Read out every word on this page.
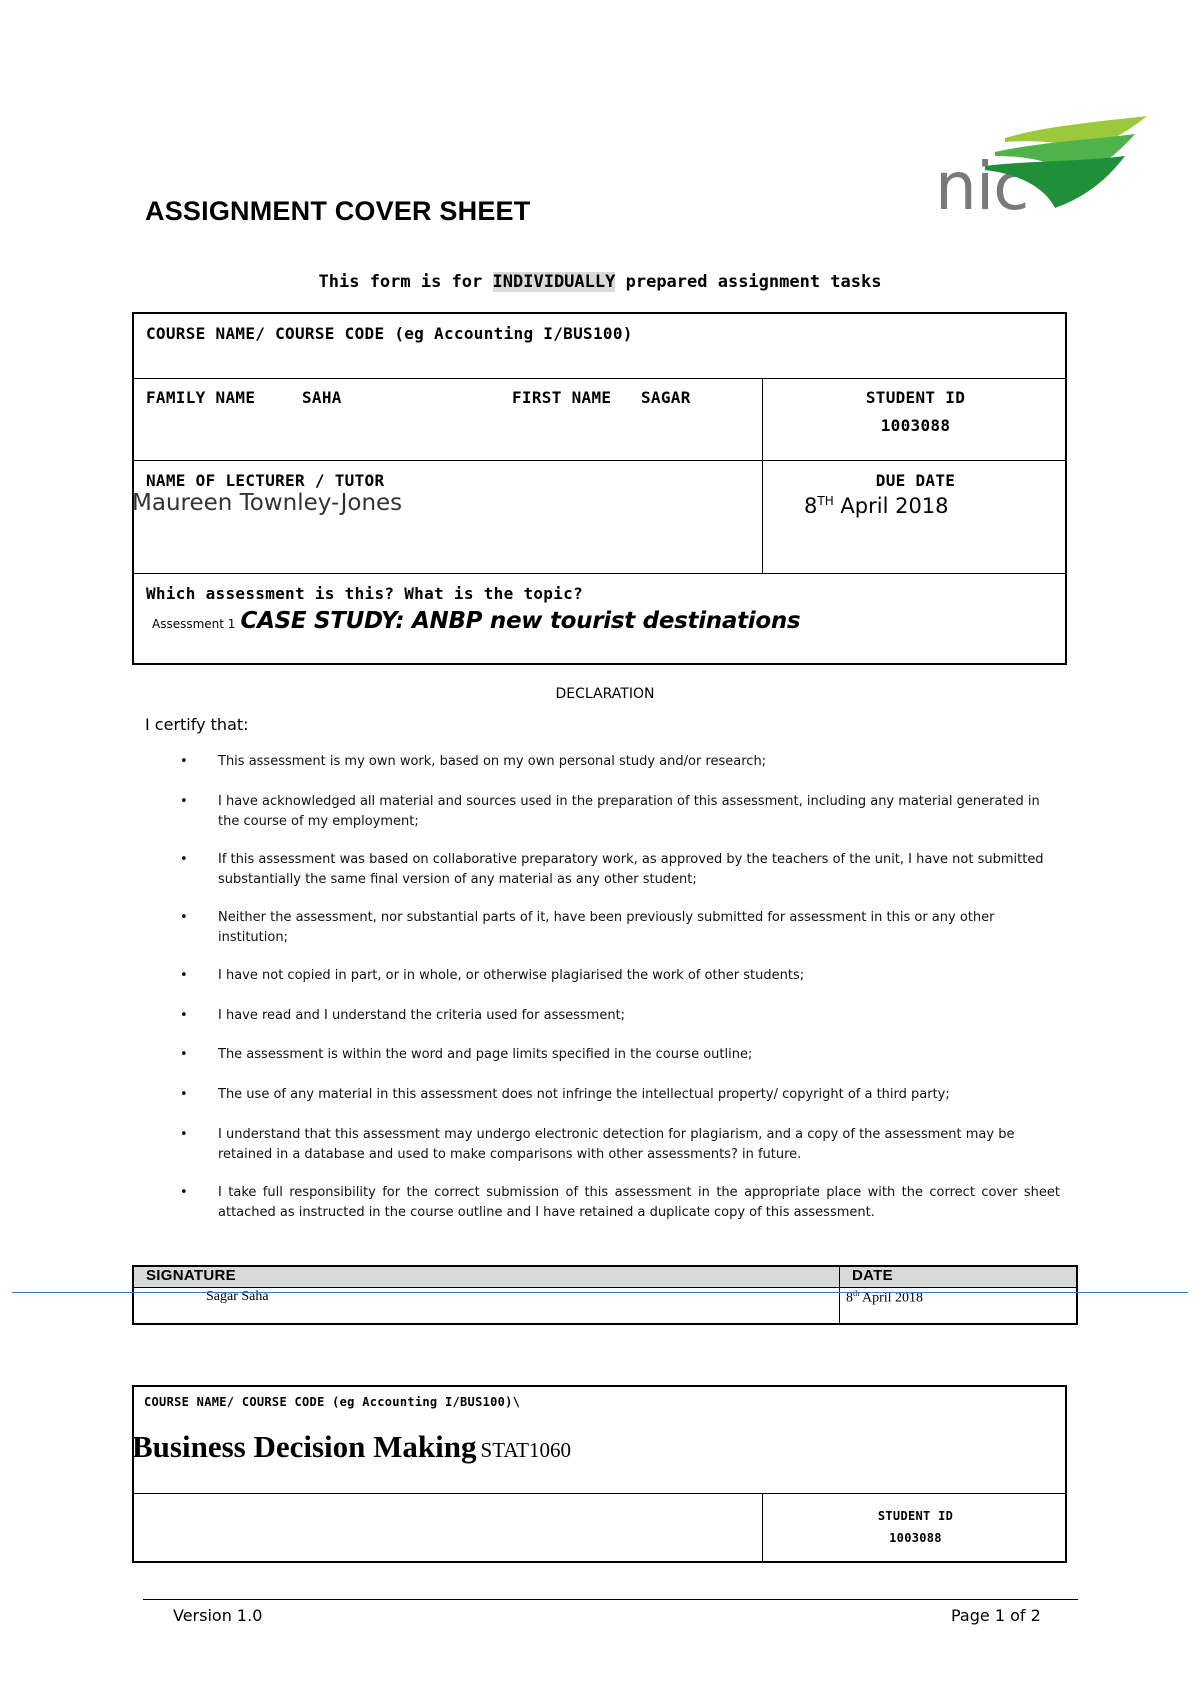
nic
ASSIGNMENT COVER SHEET
This form is for INDIVIDUALLY prepared assignment tasks
COURSE NAME/ COURSE CODE (eg Accounting I/BUS100)
FAMILY NAME	SAHA	FIRST NAME SAGAR	STUDENT ID
1003088
NAME OF LECTURER / TUTOR
Maureen Townley-Jones
DUE DATE
8TH April 2018
Which assessment is this? What is the topic?
Assessment 1 CASE STUDY: ANBP new tourist destinations
DECLARATION
I certify that:
• This assessment is my own work, based on my own personal study and/or research;
• I have acknowledged all material and sources used in the preparation of this assessment, including any material generated in the course of my employment;
• If this assessment was based on collaborative preparatory work, as approved by the teachers of the unit, I have not submitted substantially the same final version of any material as any other student;
• Neither the assessment, nor substantial parts of it, have been previously submitted for assessment in this or any other institution;
• I have not copied in part, or in whole, or otherwise plagiarised the work of other students;
• I have read and I understand the criteria used for assessment;
• The assessment is within the word and page limits specified in the course outline;
• The use of any material in this assessment does not infringe the intellectual property/ copyright of a third party;
• I understand that this assessment may undergo electronic detection for plagiarism, and a copy of the assessment may be retained in a database and used to make comparisons with other assessments? in future.
• I take full responsibility for the correct submission of this assessment in the appropriate place with the correct cover sheet attached as instructed in the course outline and I have retained a duplicate copy of this assessment.
SIGNATURE	DATE
Sagar Saha	8th April 2018
COURSE NAME/ COURSE CODE (eg Accounting I/BUS100)\
Business Decision Making STAT1060
STUDENT ID
1003088
Version 1.0	Page 1 of 2
